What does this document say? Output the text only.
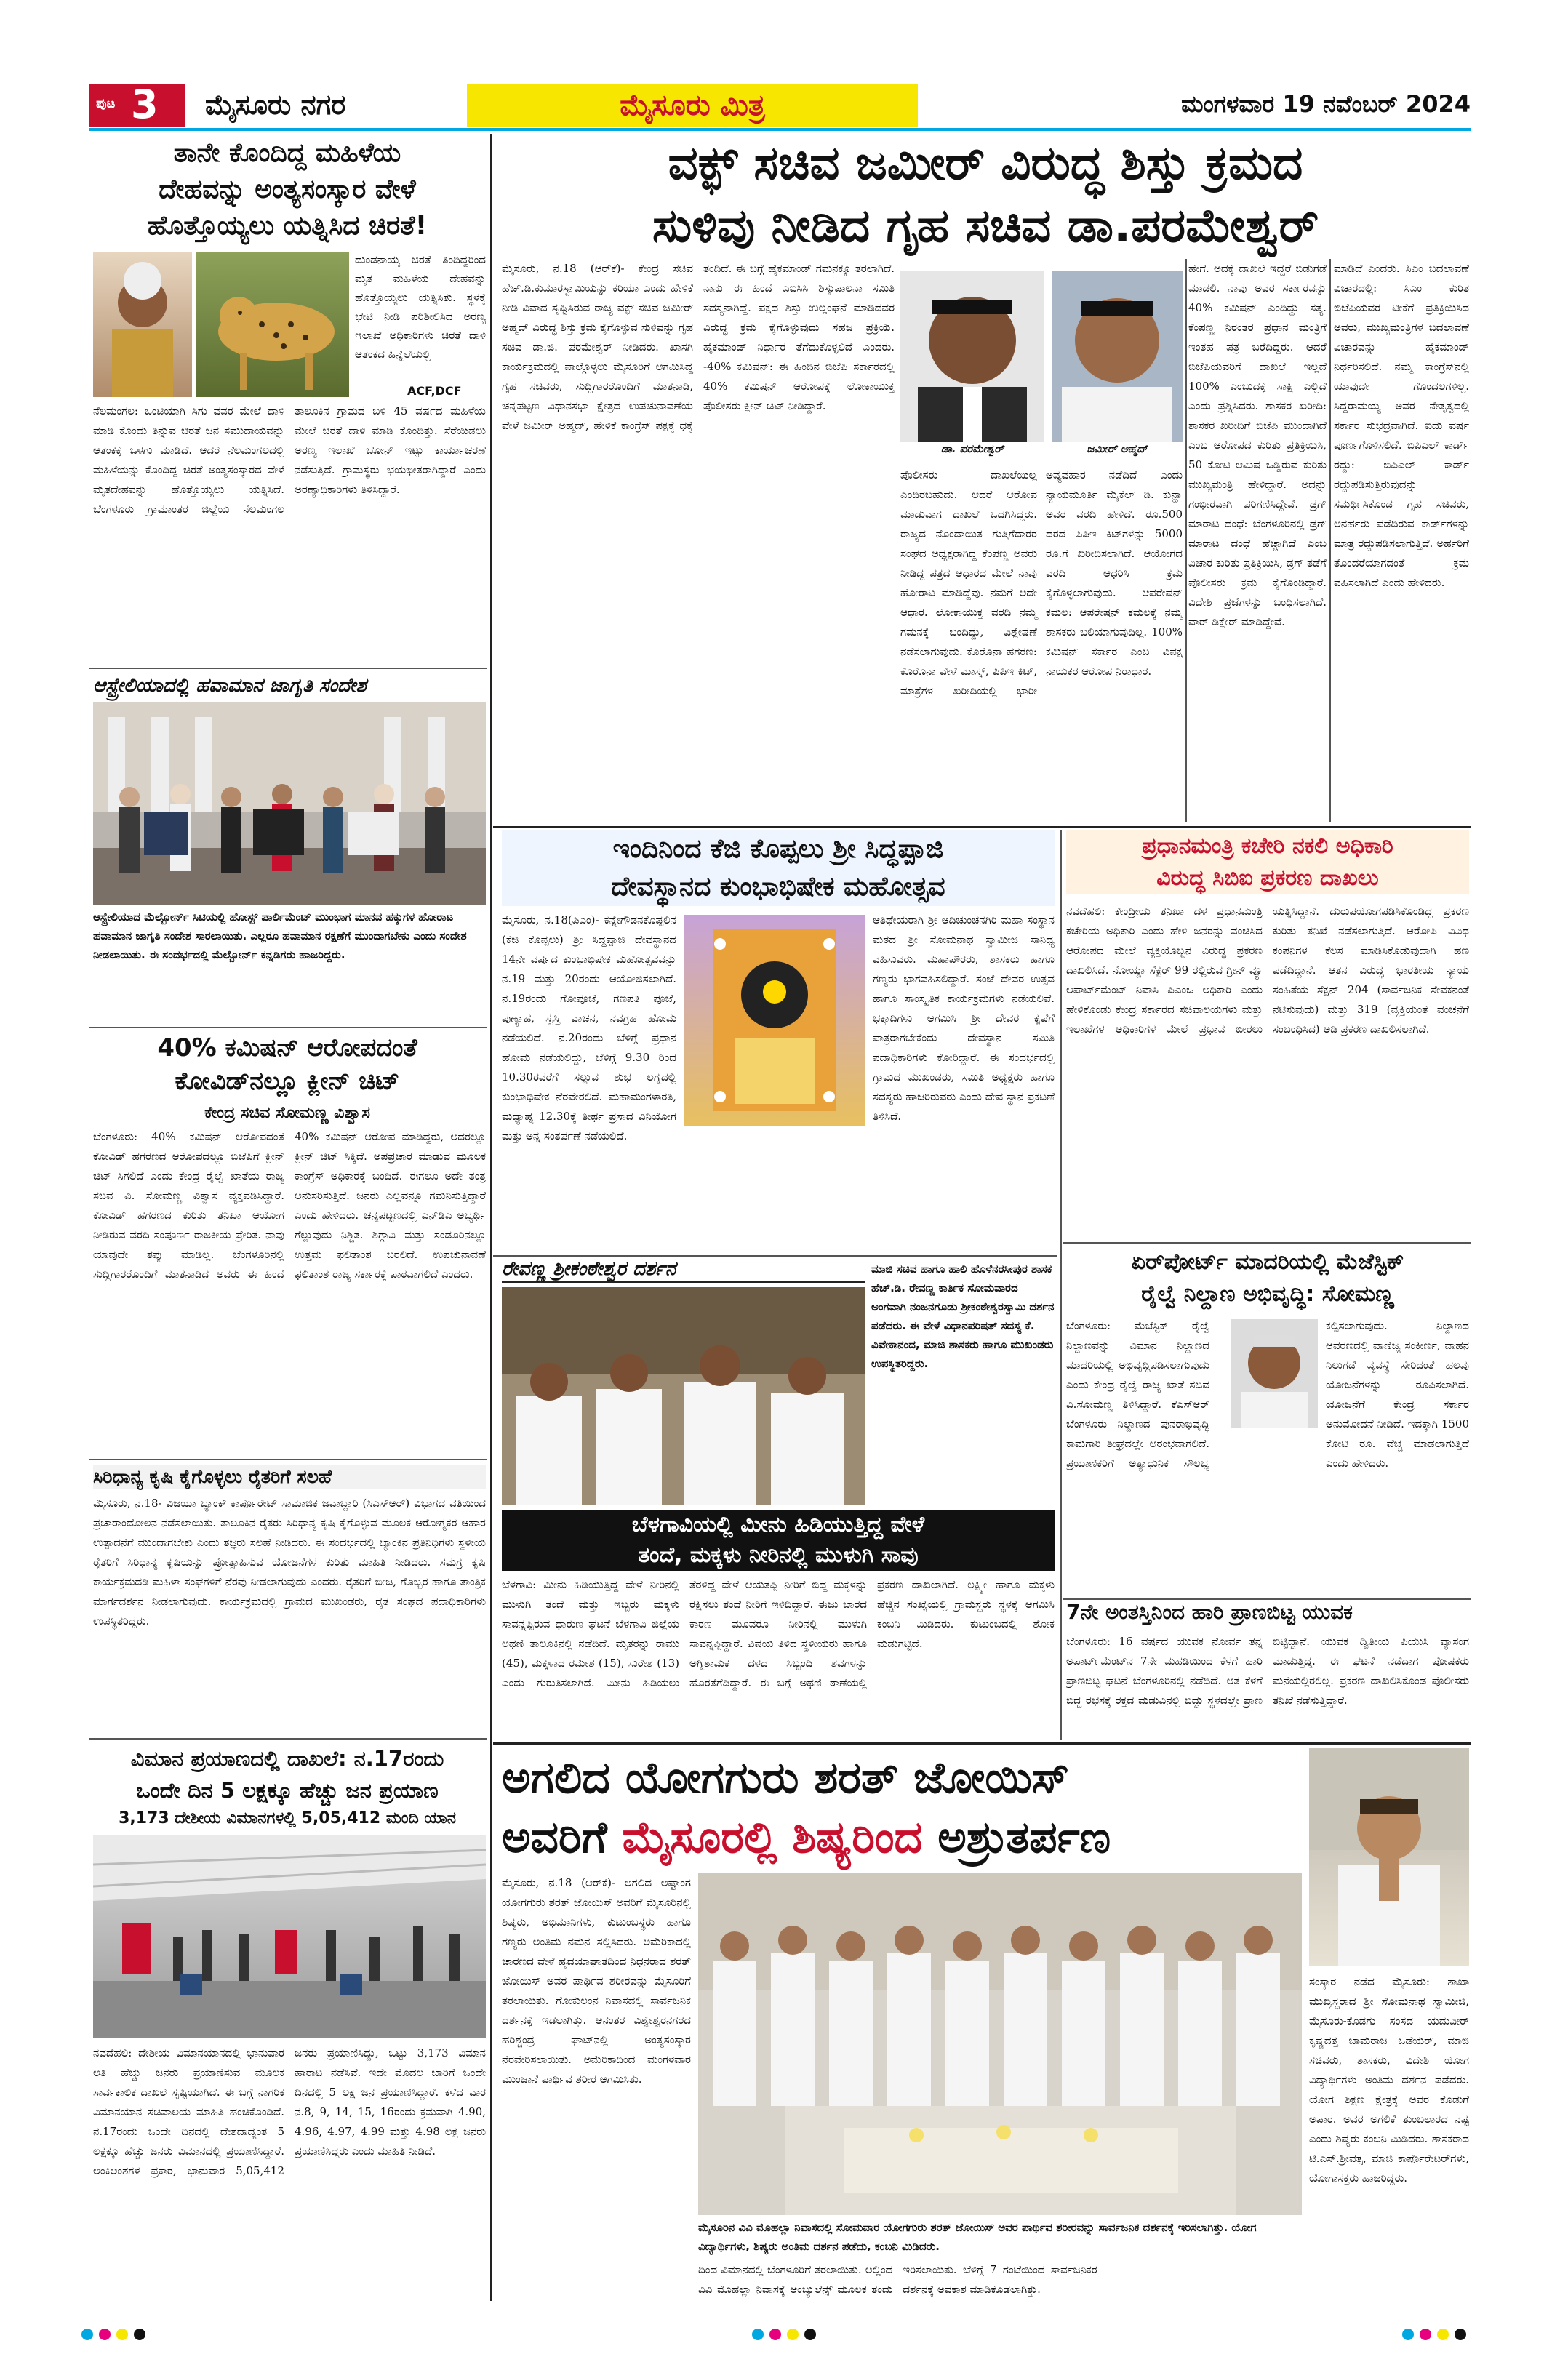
ಪುಟ 3 ಮೈಸೂರು ನಗರ	ಮೈಸೂರು ಮಿತ್ರ	ಮಂಗಳವಾರ 19 ನವೆಂಬರ್ 2024
ತಾನೇ ಕೊಂದಿದ್ದ ಮಹಿಳೆಯ
ದೇಹವನ್ನು ಅಂತ್ಯಸಂಸ್ಕಾರ ವೇಳೆ
ಹೊತ್ತೊಯ್ಯಲು ಯತ್ನಿಸಿದ ಚಿರತೆ!
ದುಂಡನಾಯ್ಕ ಚಿರತೆ ತಿಂದಿದ್ದರಿಂದ ಮೃತ ಮಹಿಳೆಯ ದೇಹವನ್ನು ಹೊತ್ತೊಯ್ಯಲು ಯತ್ನಿಸಿತು. ಸ್ಥಳಕ್ಕೆ ಭೇಟಿ ನೀಡಿ ಪರಿಶೀಲಿಸಿದ ಅರಣ್ಯ ಇಲಾಖೆ ಅಧಿಕಾರಿಗಳು ಚಿರತೆ ದಾಳಿ ಆತಂಕದ ಹಿನ್ನೆಲೆಯಲ್ಲಿ
ACF,DCF
ನೆಲಮಂಗಲ: ಒಂಟಿಯಾಗಿ ಸಿಗು ವವರ ಮೇಲೆ ದಾಳಿ ಮಾಡಿ ಕೊಂದು ತಿನ್ನುವ ಚಿರತೆ ಜನ ಸಮುದಾಯವನ್ನು ಆತಂಕಕ್ಕೆ ಒಳಗು ಮಾಡಿದೆ. ಆದರೆ ನೆಲಮಂಗಲದಲ್ಲಿ ಮಹಿಳೆಯನ್ನು ಕೊಂದಿದ್ದ ಚಿರತೆ ಅಂತ್ಯಸಂಸ್ಕಾರದ ವೇಳೆ ಮೃತದೇಹವನ್ನು ಹೊತ್ತೊಯ್ಯಲು ಯತ್ನಿಸಿದೆ. ಬೆಂಗಳೂರು ಗ್ರಾಮಾಂತರ ಜಿಲ್ಲೆಯ ನೆಲಮಂಗಲ ತಾಲೂಕಿನ ಗ್ರಾಮದ ಬಳಿ 45 ವರ್ಷದ ಮಹಿಳೆಯ ಮೇಲೆ ಚಿರತೆ ದಾಳಿ ಮಾಡಿ ಕೊಂದಿತ್ತು. ಸೆರೆಯಿಡಲು ಅರಣ್ಯ ಇಲಾಖೆ ಬೋನ್ ಇಟ್ಟು ಕಾರ್ಯಾಚರಣೆ ನಡೆಸುತ್ತಿದೆ. ಗ್ರಾಮಸ್ಥರು ಭಯಭೀತರಾಗಿದ್ದಾರೆ ಎಂದು ಅರಣ್ಯಾಧಿಕಾರಿಗಳು ತಿಳಿಸಿದ್ದಾರೆ.
ಆಸ್ಟ್ರೇಲಿಯಾದಲ್ಲಿ ಹವಾಮಾನ ಜಾಗೃತಿ ಸಂದೇಶ
ಆಸ್ಟ್ರೇಲಿಯಾದ ಮೆಲ್ಬೋರ್ನ್ ಸಿಟಿಯಲ್ಲಿ ಹೋಸ್ಟ್ ಪಾರ್ಲಿಮೆಂಟ್ ಮುಂಭಾಗ ಮಾನವ ಹಕ್ಕುಗಳ ಹೋರಾಟ ಹವಾಮಾನ ಜಾಗೃತಿ ಸಂದೇಶ ಸಾರಲಾಯಿತು. ಎಲ್ಲರೂ ಹವಾಮಾನ ರಕ್ಷಣೆಗೆ ಮುಂದಾಗಬೇಕು ಎಂದು ಸಂದೇಶ ನೀಡಲಾಯಿತು. ಈ ಸಂದರ್ಭದಲ್ಲಿ ಮೆಲ್ಬೋರ್ನ್ ಕನ್ನಡಿಗರು ಹಾಜರಿದ್ದರು.
40% ಕಮಿಷನ್ ಆರೋಪದಂತೆ
ಕೋವಿಡ್‌ನಲ್ಲೂ ಕ್ಲೀನ್ ಚಿಟ್
ಕೇಂದ್ರ ಸಚಿವ ಸೋಮಣ್ಣ ವಿಶ್ವಾಸ
ಬೆಂಗಳೂರು: 40% ಕಮಿಷನ್ ಆರೋಪದಂತೆ ಕೋವಿಡ್ ಹಗರಣದ ಆರೋಪದಲ್ಲೂ ಬಿಜೆಪಿಗೆ ಕ್ಲೀನ್ ಚಿಟ್ ಸಿಗಲಿದೆ ಎಂದು ಕೇಂದ್ರ ರೈಲ್ವೆ ಖಾತೆಯ ರಾಜ್ಯ ಸಚಿವ ವಿ. ಸೋಮಣ್ಣ ವಿಶ್ವಾಸ ವ್ಯಕ್ತಪಡಿಸಿದ್ದಾರೆ. ಕೋವಿಡ್ ಹಗರಣದ ಕುರಿತು ತನಿಖಾ ಆಯೋಗ ನೀಡಿರುವ ವರದಿ ಸಂಪೂರ್ಣ ರಾಜಕೀಯ ಪ್ರೇರಿತ. ನಾವು ಯಾವುದೇ ತಪ್ಪು ಮಾಡಿಲ್ಲ. ಬೆಂಗಳೂರಿನಲ್ಲಿ ಸುದ್ದಿಗಾರರೊಂದಿಗೆ ಮಾತನಾಡಿದ ಅವರು ಈ ಹಿಂದೆ 40% ಕಮಿಷನ್ ಆರೋಪ ಮಾಡಿದ್ದರು, ಅದರಲ್ಲೂ ಕ್ಲೀನ್ ಚಿಟ್ ಸಿಕ್ಕಿದೆ. ಅಪಪ್ರಚಾರ ಮಾಡುವ ಮೂಲಕ ಕಾಂಗ್ರೆಸ್ ಅಧಿಕಾರಕ್ಕೆ ಬಂದಿದೆ. ಈಗಲೂ ಅದೇ ತಂತ್ರ ಅನುಸರಿಸುತ್ತಿದೆ. ಜನರು ಎಲ್ಲವನ್ನೂ ಗಮನಿಸುತ್ತಿದ್ದಾರೆ ಎಂದು ಹೇಳಿದರು. ಚನ್ನಪಟ್ಟಣದಲ್ಲಿ ಎನ್‌ಡಿಎ ಅಭ್ಯರ್ಥಿ ಗೆಲ್ಲುವುದು ನಿಶ್ಚಿತ. ಶಿಗ್ಗಾವಿ ಮತ್ತು ಸಂಡೂರಿನಲ್ಲೂ ಉತ್ತಮ ಫಲಿತಾಂಶ ಬರಲಿದೆ. ಉಪಚುನಾವಣೆ ಫಲಿತಾಂಶ ರಾಜ್ಯ ಸರ್ಕಾರಕ್ಕೆ ಪಾಠವಾಗಲಿದೆ ಎಂದರು.
ಸಿರಿಧಾನ್ಯ ಕೃಷಿ ಕೈಗೊಳ್ಳಲು ರೈತರಿಗೆ ಸಲಹೆ
ಮೈಸೂರು, ನ.18- ವಿಜಯಾ ಬ್ಯಾಂಕ್ ಕಾರ್ಪೊರೇಟ್ ಸಾಮಾಜಿಕ ಜವಾಬ್ದಾರಿ (ಸಿಎಸ್‌ಆರ್) ವಿಭಾಗದ ವತಿಯಿಂದ ಪ್ರಚಾರಾಂದೋಲನ ನಡೆಸಲಾಯಿತು. ತಾಲೂಕಿನ ರೈತರು ಸಿರಿಧಾನ್ಯ ಕೃಷಿ ಕೈಗೊಳ್ಳುವ ಮೂಲಕ ಆರೋಗ್ಯಕರ ಆಹಾರ ಉತ್ಪಾದನೆಗೆ ಮುಂದಾಗಬೇಕು ಎಂದು ತಜ್ಞರು ಸಲಹೆ ನೀಡಿದರು. ಈ ಸಂದರ್ಭದಲ್ಲಿ ಬ್ಯಾಂಕಿನ ಪ್ರತಿನಿಧಿಗಳು ಸ್ಥಳೀಯ ರೈತರಿಗೆ ಸಿರಿಧಾನ್ಯ ಕೃಷಿಯನ್ನು ಪ್ರೋತ್ಸಾಹಿಸುವ ಯೋಜನೆಗಳ ಕುರಿತು ಮಾಹಿತಿ ನೀಡಿದರು. ಸಮಗ್ರ ಕೃಷಿ ಕಾರ್ಯಕ್ರಮದಡಿ ಮಹಿಳಾ ಸಂಘಗಳಿಗೆ ನೆರವು ನೀಡಲಾಗುವುದು ಎಂದರು. ರೈತರಿಗೆ ಬೀಜ, ಗೊಬ್ಬರ ಹಾಗೂ ತಾಂತ್ರಿಕ ಮಾರ್ಗದರ್ಶನ ನೀಡಲಾಗುವುದು. ಕಾರ್ಯಕ್ರಮದಲ್ಲಿ ಗ್ರಾಮದ ಮುಖಂಡರು, ರೈತ ಸಂಘದ ಪದಾಧಿಕಾರಿಗಳು ಉಪಸ್ಥಿತರಿದ್ದರು.
ವಿಮಾನ ಪ್ರಯಾಣದಲ್ಲಿ ದಾಖಲೆ: ನ.17ರಂದು
ಒಂದೇ ದಿನ 5 ಲಕ್ಷಕ್ಕೂ ಹೆಚ್ಚು ಜನ ಪ್ರಯಾಣ
3,173 ದೇಶೀಯ ವಿಮಾನಗಳಲ್ಲಿ 5,05,412 ಮಂದಿ ಯಾನ
ನವದೆಹಲಿ: ದೇಶೀಯ ವಿಮಾನಯಾನದಲ್ಲಿ ಭಾನುವಾರ ಅತಿ ಹೆಚ್ಚು ಜನರು ಪ್ರಯಾಣಿಸುವ ಮೂಲಕ ಸಾರ್ವಕಾಲಿಕ ದಾಖಲೆ ಸೃಷ್ಟಿಯಾಗಿದೆ. ಈ ಬಗ್ಗೆ ನಾಗರಿಕ ವಿಮಾನಯಾನ ಸಚಿವಾಲಯ ಮಾಹಿತಿ ಹಂಚಿಕೊಂಡಿದೆ. ನ.17ರಂದು ಒಂದೇ ದಿನದಲ್ಲಿ ದೇಶದಾದ್ಯಂತ 5 ಲಕ್ಷಕ್ಕೂ ಹೆಚ್ಚು ಜನರು ವಿಮಾನದಲ್ಲಿ ಪ್ರಯಾಣಿಸಿದ್ದಾರೆ. ಅಂಕಿಅಂಶಗಳ ಪ್ರಕಾರ, ಭಾನುವಾರ 5,05,412 ಜನರು ಪ್ರಯಾಣಿಸಿದ್ದು, ಒಟ್ಟು 3,173 ವಿಮಾನ ಹಾರಾಟ ನಡೆಸಿವೆ. ಇದೇ ಮೊದಲ ಬಾರಿಗೆ ಒಂದೇ ದಿನದಲ್ಲಿ 5 ಲಕ್ಷ ಜನ ಪ್ರಯಾಣಿಸಿದ್ದಾರೆ. ಕಳೆದ ವಾರ ನ.8, 9, 14, 15, 16ರಂದು ಕ್ರಮವಾಗಿ 4.90, 4.96, 4.97, 4.99 ಮತ್ತು 4.98 ಲಕ್ಷ ಜನರು ಪ್ರಯಾಣಿಸಿದ್ದರು ಎಂದು ಮಾಹಿತಿ ನೀಡಿದೆ.
ವಕ್ಫ್ ಸಚಿವ ಜಮೀರ್ ವಿರುದ್ಧ ಶಿಸ್ತು ಕ್ರಮದ
ಸುಳಿವು ನೀಡಿದ ಗೃಹ ಸಚಿವ ಡಾ.ಪರಮೇಶ್ವರ್
ಮೈಸೂರು, ನ.18 (ಆರ್‌ಕೆ)- ಕೇಂದ್ರ ಸಚಿವ ಹೆಚ್.ಡಿ.ಕುಮಾರಸ್ವಾಮಿಯನ್ನು ಕರಿಯಾ ಎಂದು ಹೇಳಿಕೆ ನೀಡಿ ವಿವಾದ ಸೃಷ್ಟಿಸಿರುವ ರಾಜ್ಯ ವಕ್ಫ್ ಸಚಿವ ಜಮೀರ್ ಅಹ್ಮದ್ ವಿರುದ್ಧ ಶಿಸ್ತು ಕ್ರಮ ಕೈಗೊಳ್ಳುವ ಸುಳಿವನ್ನು ಗೃಹ ಸಚಿವ ಡಾ.ಜಿ. ಪರಮೇಶ್ವರ್ ನೀಡಿದರು. ಖಾಸಗಿ ಕಾರ್ಯಕ್ರಮದಲ್ಲಿ ಪಾಲ್ಗೊಳ್ಳಲು ಮೈಸೂರಿಗೆ ಆಗಮಿಸಿದ್ದ ಗೃಹ ಸಚಿವರು, ಸುದ್ದಿಗಾರರೊಂದಿಗೆ ಮಾತನಾಡಿ, ಚನ್ನಪಟ್ಟಣ ವಿಧಾನಸಭಾ ಕ್ಷೇತ್ರದ ಉಪಚುನಾವಣೆಯ ವೇಳೆ ಜಮೀರ್ ಅಹ್ಮದ್, ಹೇಳಿಕೆ ಕಾಂಗ್ರೆಸ್ ಪಕ್ಷಕ್ಕೆ ಧಕ್ಕೆ ತಂದಿದೆ. ಈ ಬಗ್ಗೆ ಹೈಕಮಾಂಡ್ ಗಮನಕ್ಕೂ ತರಲಾಗಿದೆ. ನಾನು ಈ ಹಿಂದೆ ಎಐಸಿಸಿ ಶಿಸ್ತುಪಾಲನಾ ಸಮಿತಿ ಸದಸ್ಯನಾಗಿದ್ದೆ. ಪಕ್ಷದ ಶಿಸ್ತು ಉಲ್ಲಂಘನೆ ಮಾಡಿದವರ ವಿರುದ್ಧ ಕ್ರಮ ಕೈಗೊಳ್ಳುವುದು ಸಹಜ ಪ್ರಕ್ರಿಯೆ. ಹೈಕಮಾಂಡ್ ನಿರ್ಧಾರ ತೆಗೆದುಕೊಳ್ಳಲಿದೆ ಎಂದರು. -40% ಕಮಿಷನ್: ಈ ಹಿಂದಿನ ಬಿಜೆಪಿ ಸರ್ಕಾರದಲ್ಲಿ 40% ಕಮಿಷನ್ ಆರೋಪಕ್ಕೆ ಲೋಕಾಯುಕ್ತ ಪೊಲೀಸರು ಕ್ಲೀನ್ ಚಿಟ್ ನೀಡಿದ್ದಾರೆ.
ಡಾ. ಪರಮೇಶ್ವರ್	ಜಮೀರ್ ಅಹ್ಮದ್
ಪೊಲೀಸರು ದಾಖಲೆಯಿಲ್ಲ ಎಂದಿರಬಹುದು. ಆದರೆ ಆರೋಪ ಮಾಡುವಾಗ ದಾಖಲೆ ಒದಗಿಸಿದ್ದರು. ರಾಜ್ಯದ ನೊಂದಾಯಿತ ಗುತ್ತಿಗೆದಾರರ ಸಂಘದ ಅಧ್ಯಕ್ಷರಾಗಿದ್ದ ಕೆಂಪಣ್ಣ ಅವರು ನೀಡಿದ್ದ ಪತ್ರದ ಆಧಾರದ ಮೇಲೆ ನಾವು ಹೋರಾಟ ಮಾಡಿದ್ದೆವು. ನಮಗೆ ಅದೇ ಆಧಾರ. ಲೋಕಾಯುಕ್ತ ವರದಿ ನಮ್ಮ ಗಮನಕ್ಕೆ ಬಂದಿದ್ದು, ವಿಶ್ಲೇಷಣೆ ನಡೆಸಲಾಗುವುದು. ಕೊರೊನಾ ಹಗರಣ: ಕೊರೊನಾ ವೇಳೆ ಮಾಸ್ಕ್, ಪಿಪಿಇ ಕಿಟ್, ಮಾತ್ರೆಗಳ ಖರೀದಿಯಲ್ಲಿ ಭಾರೀ ಅವ್ಯವಹಾರ ನಡೆದಿದೆ ಎಂದು ನ್ಯಾಯಮೂರ್ತಿ ಮೈಕೆಲ್ ಡಿ. ಕುನ್ಹಾ ಅವರ ವರದಿ ಹೇಳಿದೆ. ರೂ.500 ದರದ ಪಿಪಿಇ ಕಿಟ್‌ಗಳನ್ನು 5000 ರೂ.ಗೆ ಖರೀದಿಸಲಾಗಿದೆ. ಆಯೋಗದ ವರದಿ ಆಧರಿಸಿ ಕ್ರಮ ಕೈಗೊಳ್ಳಲಾಗುವುದು. ಆಪರೇಷನ್ ಕಮಲ: ಆಪರೇಷನ್ ಕಮಲಕ್ಕೆ ನಮ್ಮ ಶಾಸಕರು ಬಲಿಯಾಗುವುದಿಲ್ಲ. 100% ಕಮಿಷನ್ ಸರ್ಕಾರ ಎಂಬ ವಿಪಕ್ಷ ನಾಯಕರ ಆರೋಪ ನಿರಾಧಾರ.
ಹೇಗೆ. ಅದಕ್ಕೆ ದಾಖಲೆ ಇದ್ದರೆ ಬಿಡುಗಡೆ ಮಾಡಲಿ. ನಾವು ಅವರ ಸರ್ಕಾರವನ್ನು 40% ಕಮಿಷನ್ ಎಂದಿದ್ದು ಸತ್ಯ. ಕೆಂಪಣ್ಣ ನಿರಂತರ ಪ್ರಧಾನ ಮಂತ್ರಿಗೆ ಇಂತಹ ಪತ್ರ ಬರೆದಿದ್ದರು. ಆದರೆ ಬಿಜೆಪಿಯವರಿಗೆ ದಾಖಲೆ ಇಲ್ಲದೆ 100% ಎಂಬುದಕ್ಕೆ ಸಾಕ್ಷಿ ಎಲ್ಲಿದೆ ಎಂದು ಪ್ರಶ್ನಿಸಿದರು. ಶಾಸಕರ ಖರೀದಿ: ಶಾಸಕರ ಖರೀದಿಗೆ ಬಿಜೆಪಿ ಮುಂದಾಗಿದೆ ಎಂಬ ಆರೋಪದ ಕುರಿತು ಪ್ರತಿಕ್ರಿಯಿಸಿ, 50 ಕೋಟಿ ಆಮಿಷ ಒಡ್ಡಿರುವ ಕುರಿತು ಮುಖ್ಯಮಂತ್ರಿ ಹೇಳಿದ್ದಾರೆ. ಅದನ್ನು ಗಂಭೀರವಾಗಿ ಪರಿಗಣಿಸಿದ್ದೇವೆ. ಡ್ರಗ್ ಮಾರಾಟ ದಂಧೆ: ಬೆಂಗಳೂರಿನಲ್ಲಿ ಡ್ರಗ್ ಮಾರಾಟ ದಂಧೆ ಹೆಚ್ಚಾಗಿದೆ ಎಂಬ ವಿಚಾರ ಕುರಿತು ಪ್ರತಿಕ್ರಿಯಿಸಿ, ಡ್ರಗ್ ತಡೆಗೆ ಪೊಲೀಸರು ಕ್ರಮ ಕೈಗೊಂಡಿದ್ದಾರೆ. ವಿದೇಶಿ ಪ್ರಜೆಗಳನ್ನು ಬಂಧಿಸಲಾಗಿದೆ. ವಾರ್ ಡಿಕ್ಲೇರ್ ಮಾಡಿದ್ದೇವೆ.
ಮಾಡಿದೆ ಎಂದರು. ಸಿಎಂ ಬದಲಾವಣೆ ವಿಚಾರದಲ್ಲಿ: ಸಿಎಂ ಕುರಿತ ಬಿಜೆಪಿಯವರ ಟೀಕೆಗೆ ಪ್ರತಿಕ್ರಿಯಿಸಿದ ಅವರು, ಮುಖ್ಯಮಂತ್ರಿಗಳ ಬದಲಾವಣೆ ವಿಚಾರವನ್ನು ಹೈಕಮಾಂಡ್ ನಿರ್ಧರಿಸಲಿದೆ. ನಮ್ಮ ಕಾಂಗ್ರೆಸ್‌ನಲ್ಲಿ ಯಾವುದೇ ಗೊಂದಲಗಳಿಲ್ಲ. ಸಿದ್ದರಾಮಯ್ಯ ಅವರ ನೇತೃತ್ವದಲ್ಲಿ ಸರ್ಕಾರ ಸುಭದ್ರವಾಗಿದೆ. ಐದು ವರ್ಷ ಪೂರ್ಣಗೊಳಿಸಲಿದೆ. ಬಿಪಿಎಲ್ ಕಾರ್ಡ್ ರದ್ದು: ಬಿಪಿಎಲ್ ಕಾರ್ಡ್ ರದ್ದುಪಡಿಸುತ್ತಿರುವುದನ್ನು ಸಮರ್ಥಿಸಿಕೊಂಡ ಗೃಹ ಸಚಿವರು, ಅನರ್ಹರು ಪಡೆದಿರುವ ಕಾರ್ಡ್‌ಗಳನ್ನು ಮಾತ್ರ ರದ್ದುಪಡಿಸಲಾಗುತ್ತಿದೆ. ಅರ್ಹರಿಗೆ ತೊಂದರೆಯಾಗದಂತೆ ಕ್ರಮ ವಹಿಸಲಾಗಿದೆ ಎಂದು ಹೇಳಿದರು.
ಇಂದಿನಿಂದ ಕೆಜಿ ಕೊಪ್ಪಲು ಶ್ರೀ ಸಿದ್ಧಪ್ಪಾಜಿ
ದೇವಸ್ಥಾನದ ಕುಂಭಾಭಿಷೇಕ ಮಹೋತ್ಸವ
ಮೈಸೂರು, ನ.18(ಪಿಎಂ)- ಕನ್ನೇಗೌಡನಕೊಪ್ಪಲಿನ (ಕೆಜಿ ಕೊಪ್ಪಲು) ಶ್ರೀ ಸಿದ್ಧಪ್ಪಾಜಿ ದೇವಸ್ಥಾನದ 14ನೇ ವರ್ಷದ ಕುಂಭಾಭಿಷೇಕ ಮಹೋತ್ಸವವನ್ನು ನ.19 ಮತ್ತು 20ರಂದು ಆಯೋಜಿಸಲಾಗಿದೆ. ನ.19ರಂದು ಗೋಪೂಜೆ, ಗಣಪತಿ ಪೂಜೆ, ಪುಣ್ಯಾಹ, ಸ್ವಸ್ತಿ ವಾಚನ, ನವಗ್ರಹ ಹೋಮ ನಡೆಯಲಿದೆ. ನ.20ರಂದು ಬೆಳಿಗ್ಗೆ ಪ್ರಧಾನ ಹೋಮ ನಡೆಯಲಿದ್ದು, ಬೆಳಿಗ್ಗೆ 9.30 ರಿಂದ 10.30ರವರೆಗೆ ಸಲ್ಲುವ ಶುಭ ಲಗ್ನದಲ್ಲಿ ಕುಂಭಾಭಿಷೇಕ ನೆರವೇರಲಿದೆ. ಮಹಾಮಂಗಳಾರತಿ, ಮಧ್ಯಾಹ್ನ 12.30ಕ್ಕೆ ತೀರ್ಥ ಪ್ರಸಾದ ವಿನಿಯೋಗ ಮತ್ತು ಅನ್ನ ಸಂತರ್ಪಣೆ ನಡೆಯಲಿದೆ.
ಆತಿಥೇಯರಾಗಿ ಶ್ರೀ ಆದಿಚುಂಚನಗಿರಿ ಮಹಾ ಸಂಸ್ಥಾನ ಮಠದ ಶ್ರೀ ಸೋಮನಾಥ ಸ್ವಾಮೀಜಿ ಸಾನಿಧ್ಯ ವಹಿಸುವರು. ಮಹಾಪೌರರು, ಶಾಸಕರು ಹಾಗೂ ಗಣ್ಯರು ಭಾಗವಹಿಸಲಿದ್ದಾರೆ. ಸಂಜೆ ದೇವರ ಉತ್ಸವ ಹಾಗೂ ಸಾಂಸ್ಕೃತಿಕ ಕಾರ್ಯಕ್ರಮಗಳು ನಡೆಯಲಿವೆ. ಭಕ್ತಾದಿಗಳು ಆಗಮಿಸಿ ಶ್ರೀ ದೇವರ ಕೃಪೆಗೆ ಪಾತ್ರರಾಗಬೇಕೆಂದು ದೇವಸ್ಥಾನ ಸಮಿತಿ ಪದಾಧಿಕಾರಿಗಳು ಕೋರಿದ್ದಾರೆ. ಈ ಸಂದರ್ಭದಲ್ಲಿ ಗ್ರಾಮದ ಮುಖಂಡರು, ಸಮಿತಿ ಅಧ್ಯಕ್ಷರು ಹಾಗೂ ಸದಸ್ಯರು ಹಾಜರಿರುವರು ಎಂದು ದೇವ ಸ್ಥಾನ ಪ್ರಕಟಣೆ ತಿಳಿಸಿದೆ.
ರೇವಣ್ಣ ಶ್ರೀಕಂಠೇಶ್ವರ ದರ್ಶನ	ಮಾಜಿ ಸಚಿವ ಹಾಗೂ ಹಾಲಿ ಹೊಳೆನರಸೀಪುರ ಶಾಸಕ ಹೆಚ್.ಡಿ. ರೇವಣ್ಣ ಕಾರ್ತಿಕ ಸೋಮವಾರದ ಅಂಗವಾಗಿ ನಂಜನಗೂಡು ಶ್ರೀಕಂಠೇಶ್ವರಸ್ವಾಮಿ ದರ್ಶನ ಪಡೆದರು. ಈ ವೇಳೆ ವಿಧಾನಪರಿಷತ್ ಸದಸ್ಯ ಕೆ. ವಿವೇಕಾನಂದ, ಮಾಜಿ ಶಾಸಕರು ಹಾಗೂ ಮುಖಂಡರು ಉಪಸ್ಥಿತರಿದ್ದರು.
ಬೆಳಗಾವಿಯಲ್ಲಿ ಮೀನು ಹಿಡಿಯುತ್ತಿದ್ದ ವೇಳೆ
ತಂದೆ, ಮಕ್ಕಳು ನೀರಿನಲ್ಲಿ ಮುಳುಗಿ ಸಾವು
ಬೆಳಗಾವಿ: ಮೀನು ಹಿಡಿಯುತ್ತಿದ್ದ ವೇಳೆ ನೀರಿನಲ್ಲಿ ಮುಳುಗಿ ತಂದೆ ಮತ್ತು ಇಬ್ಬರು ಮಕ್ಕಳು ಸಾವನ್ನಪ್ಪಿರುವ ಧಾರುಣ ಘಟನೆ ಬೆಳಗಾವಿ ಜಿಲ್ಲೆಯ ಅಥಣಿ ತಾಲೂಕಿನಲ್ಲಿ ನಡೆದಿದೆ. ಮೃತರನ್ನು ರಾಮು (45), ಮಕ್ಕಳಾದ ರಮೇಶ (15), ಸುರೇಶ (13) ಎಂದು ಗುರುತಿಸಲಾಗಿದೆ. ಮೀನು ಹಿಡಿಯಲು ತೆರಳಿದ್ದ ವೇಳೆ ಆಯತಪ್ಪಿ ನೀರಿಗೆ ಬಿದ್ದ ಮಕ್ಕಳನ್ನು ರಕ್ಷಿಸಲು ತಂದೆ ನೀರಿಗೆ ಇಳಿದಿದ್ದಾರೆ. ಈಜು ಬಾರದ ಕಾರಣ ಮೂವರೂ ನೀರಿನಲ್ಲಿ ಮುಳುಗಿ ಸಾವನ್ನಪ್ಪಿದ್ದಾರೆ. ವಿಷಯ ತಿಳಿದ ಸ್ಥಳೀಯರು ಹಾಗೂ ಅಗ್ನಿಶಾಮಕ ದಳದ ಸಿಬ್ಬಂದಿ ಶವಗಳನ್ನು ಹೊರತೆಗೆದಿದ್ದಾರೆ. ಈ ಬಗ್ಗೆ ಅಥಣಿ ಠಾಣೆಯಲ್ಲಿ ಪ್ರಕರಣ ದಾಖಲಾಗಿದೆ. ಲಕ್ಷ್ಮೀ ಹಾಗೂ ಮಕ್ಕಳು ಹೆಚ್ಚಿನ ಸಂಖ್ಯೆಯಲ್ಲಿ ಗ್ರಾಮಸ್ಥರು ಸ್ಥಳಕ್ಕೆ ಆಗಮಿಸಿ ಕಂಬನಿ ಮಿಡಿದರು. ಕುಟುಂಬದಲ್ಲಿ ಶೋಕ ಮಡುಗಟ್ಟಿದೆ.
ಪ್ರಧಾನಮಂತ್ರಿ ಕಚೇರಿ ನಕಲಿ ಅಧಿಕಾರಿ
ವಿರುದ್ಧ ಸಿಬಿಐ ಪ್ರಕರಣ ದಾಖಲು
ನವದೆಹಲಿ: ಕೇಂದ್ರೀಯ ತನಿಖಾ ದಳ ಪ್ರಧಾನಮಂತ್ರಿ ಕಚೇರಿಯ ಅಧಿಕಾರಿ ಎಂದು ಹೇಳಿ ಜನರನ್ನು ವಂಚಿಸಿದ ಆರೋಪದ ಮೇಲೆ ವ್ಯಕ್ತಿಯೊಬ್ಬನ ವಿರುದ್ಧ ಪ್ರಕರಣ ದಾಖಲಿಸಿದೆ. ನೋಯ್ಡಾ ಸೆಕ್ಟರ್ 99 ರಲ್ಲಿರುವ ಗ್ರೀನ್ ವ್ಯೂ ಅಪಾರ್ಟ್‌ಮೆಂಟ್ ನಿವಾಸಿ ಪಿಎಂಒ ಅಧಿಕಾರಿ ಎಂದು ಹೇಳಿಕೊಂಡು ಕೇಂದ್ರ ಸರ್ಕಾರದ ಸಚಿವಾಲಯಗಳು ಮತ್ತು ಇಲಾಖೆಗಳ ಅಧಿಕಾರಿಗಳ ಮೇಲೆ ಪ್ರಭಾವ ಬೀರಲು ಯತ್ನಿಸಿದ್ದಾನೆ. ದುರುಪಯೋಗಪಡಿಸಿಕೊಂಡಿದ್ದ ಪ್ರಕರಣ ಕುರಿತು ತನಿಖೆ ನಡೆಸಲಾಗುತ್ತಿದೆ. ಆರೋಪಿ ವಿವಿಧ ಕಂಪನಿಗಳ ಕೆಲಸ ಮಾಡಿಸಿಕೊಡುವುದಾಗಿ ಹಣ ಪಡೆದಿದ್ದಾನೆ. ಆತನ ವಿರುದ್ಧ ಭಾರತೀಯ ನ್ಯಾಯ ಸಂಹಿತೆಯ ಸೆಕ್ಷನ್ 204 (ಸಾರ್ವಜನಿಕ ಸೇವಕನಂತೆ ನಟಿಸುವುದು) ಮತ್ತು 319 (ವ್ಯಕ್ತಿಯಂತೆ ವಂಚನೆಗೆ ಸಂಬಂಧಿಸಿದ) ಅಡಿ ಪ್ರಕರಣ ದಾಖಲಿಸಲಾಗಿದೆ.
ಏರ್‌ಪೋರ್ಟ್ ಮಾದರಿಯಲ್ಲಿ ಮೆಜೆಸ್ಟಿಕ್
ರೈಲ್ವೆ ನಿಲ್ದಾಣ ಅಭಿವೃದ್ಧಿ: ಸೋಮಣ್ಣ
ಬೆಂಗಳೂರು: ಮೆಜೆಸ್ಟಿಕ್ ರೈಲ್ವೆ ನಿಲ್ದಾಣವನ್ನು ವಿಮಾನ ನಿಲ್ದಾಣದ ಮಾದರಿಯಲ್ಲಿ ಅಭಿವೃದ್ಧಿಪಡಿಸಲಾಗುವುದು ಎಂದು ಕೇಂದ್ರ ರೈಲ್ವೆ ರಾಜ್ಯ ಖಾತೆ ಸಚಿವ ವಿ.ಸೋಮಣ್ಣ ತಿಳಿಸಿದ್ದಾರೆ. ಕೆಎಸ್‌ಆರ್ ಬೆಂಗಳೂರು ನಿಲ್ದಾಣದ ಪುನರಾಭಿವೃದ್ಧಿ ಕಾಮಗಾರಿ ಶೀಘ್ರದಲ್ಲೇ ಆರಂಭವಾಗಲಿದೆ. ಪ್ರಯಾಣಿಕರಿಗೆ ಅತ್ಯಾಧುನಿಕ ಸೌಲಭ್ಯ ಕಲ್ಪಿಸಲಾಗುವುದು. ನಿಲ್ದಾಣದ ಆವರಣದಲ್ಲಿ ವಾಣಿಜ್ಯ ಸಂಕೀರ್ಣ, ವಾಹನ ನಿಲುಗಡೆ ವ್ಯವಸ್ಥೆ ಸೇರಿದಂತೆ ಹಲವು ಯೋಜನೆಗಳನ್ನು ರೂಪಿಸಲಾಗಿದೆ. ಯೋಜನೆಗೆ ಕೇಂದ್ರ ಸರ್ಕಾರ ಅನುಮೋದನೆ ನೀಡಿದೆ. ಇದಕ್ಕಾಗಿ 1500 ಕೋಟಿ ರೂ. ವೆಚ್ಚ ಮಾಡಲಾಗುತ್ತಿದೆ ಎಂದು ಹೇಳಿದರು.
7ನೇ ಅಂತಸ್ತಿನಿಂದ ಹಾರಿ ಪ್ರಾಣಬಿಟ್ಟ ಯುವಕ
ಬೆಂಗಳೂರು: 16 ವರ್ಷದ ಯುವಕ ನೋರ್ವ ತನ್ನ ಅಪಾರ್ಟ್‌ಮೆಂಟ್‌ನ 7ನೇ ಮಹಡಿಯಿಂದ ಕೆಳಗೆ ಹಾರಿ ಪ್ರಾಣಬಿಟ್ಟ ಘಟನೆ ಬೆಂಗಳೂರಿನಲ್ಲಿ ನಡೆದಿದೆ. ಆತ ಕೆಳಗೆ ಬಿದ್ದ ರಭಸಕ್ಕೆ ರಕ್ತದ ಮಡುವಿನಲ್ಲಿ ಬಿದ್ದು ಸ್ಥಳದಲ್ಲೇ ಪ್ರಾಣ ಬಿಟ್ಟಿದ್ದಾನೆ. ಯುವಕ ದ್ವಿತೀಯ ಪಿಯುಸಿ ವ್ಯಾಸಂಗ ಮಾಡುತ್ತಿದ್ದ. ಈ ಘಟನೆ ನಡೆದಾಗ ಪೋಷಕರು ಮನೆಯಲ್ಲಿರಲಿಲ್ಲ. ಪ್ರಕರಣ ದಾಖಲಿಸಿಕೊಂಡ ಪೊಲೀಸರು ತನಿಖೆ ನಡೆಸುತ್ತಿದ್ದಾರೆ.
ಅಗಲಿದ ಯೋಗಗುರು ಶರತ್ ಜೋಯಿಸ್
ಅವರಿಗೆ ಮೈಸೂರಲ್ಲಿ ಶಿಷ್ಯರಿಂದ ಅಶ್ರುತರ್ಪಣ
ಮೈಸೂರು, ನ.18 (ಆರ್‌ಕೆ)- ಅಗಲಿದ ಅಷ್ಟಾಂಗ ಯೋಗಗುರು ಶರತ್ ಜೋಯಿಸ್ ಅವರಿಗೆ ಮೈಸೂರಿನಲ್ಲಿ ಶಿಷ್ಯರು, ಅಭಿಮಾನಿಗಳು, ಕುಟುಂಬಸ್ಥರು ಹಾಗೂ ಗಣ್ಯರು ಅಂತಿಮ ನಮನ ಸಲ್ಲಿಸಿದರು. ಅಮೆರಿಕಾದಲ್ಲಿ ಚಾರಣದ ವೇಳೆ ಹೃದಯಾಘಾತದಿಂದ ನಿಧನರಾದ ಶರತ್ ಜೋಯಿಸ್ ಅವರ ಪಾರ್ಥಿವ ಶರೀರವನ್ನು ಮೈಸೂರಿಗೆ ತರಲಾಯಿತು. ಗೋಕುಲಂನ ನಿವಾಸದಲ್ಲಿ ಸಾರ್ವಜನಿಕ ದರ್ಶನಕ್ಕೆ ಇಡಲಾಗಿತ್ತು. ಆನಂತರ ವಿಶ್ವೇಶ್ವರನಗರದ ಹರಿಶ್ಚಂದ್ರ ಘಾಟ್‌ನಲ್ಲಿ ಅಂತ್ಯಸಂಸ್ಕಾರ ನೆರವೇರಿಸಲಾಯಿತು. ಅಮೆರಿಕಾದಿಂದ ಮಂಗಳವಾರ ಮುಂಜಾನೆ ಪಾರ್ಥಿವ ಶರೀರ ಆಗಮಿಸಿತು.
ಮೈಸೂರಿನ ವಿವಿ ಮೊಹಲ್ಲಾ ನಿವಾಸದಲ್ಲಿ ಸೋಮವಾರ ಯೋಗಗುರು ಶರತ್ ಜೋಯಿಸ್ ಅವರ ಪಾರ್ಥಿವ ಶರೀರವನ್ನು ಸಾರ್ವಜನಿಕ ದರ್ಶನಕ್ಕೆ ಇರಿಸಲಾಗಿತ್ತು. ಯೋಗ ವಿದ್ಯಾರ್ಥಿಗಳು, ಶಿಷ್ಯರು ಅಂತಿಮ ದರ್ಶನ ಪಡೆದು, ಕಂಬನಿ ಮಿಡಿದರು.
ದಿಂದ ವಿಮಾನದಲ್ಲಿ ಬೆಂಗಳೂರಿಗೆ ತರಲಾಯಿತು. ಅಲ್ಲಿಂದ ವಿವಿ ಮೊಹಲ್ಲಾ ನಿವಾಸಕ್ಕೆ ಆಂಬ್ಯುಲೆನ್ಸ್ ಮೂಲಕ ತಂದು ಇರಿಸಲಾಯಿತು. ಬೆಳಿಗ್ಗೆ 7 ಗಂಟೆಯಿಂದ ಸಾರ್ವಜನಿಕರ ದರ್ಶನಕ್ಕೆ ಅವಕಾಶ ಮಾಡಿಕೊಡಲಾಗಿತ್ತು.
ಸಂಸ್ಕಾರ ನಡೆದ ಮೈಸೂರು: ಶಾಖಾ ಮುಖ್ಯಸ್ಥರಾದ ಶ್ರೀ ಸೋಮನಾಥ ಸ್ವಾಮೀಜಿ, ಮೈಸೂರು-ಕೊಡಗು ಸಂಸದ ಯದುವೀರ್ ಕೃಷ್ಣದತ್ತ ಚಾಮರಾಜ ಒಡೆಯರ್, ಮಾಜಿ ಸಚಿವರು, ಶಾಸಕರು, ವಿದೇಶಿ ಯೋಗ ವಿದ್ಯಾರ್ಥಿಗಳು ಅಂತಿಮ ದರ್ಶನ ಪಡೆದರು. ಯೋಗ ಶಿಕ್ಷಣ ಕ್ಷೇತ್ರಕ್ಕೆ ಅವರ ಕೊಡುಗೆ ಅಪಾರ. ಅವರ ಅಗಲಿಕೆ ತುಂಬಲಾರದ ನಷ್ಟ ಎಂದು ಶಿಷ್ಯರು ಕಂಬನಿ ಮಿಡಿದರು. ಶಾಸಕರಾದ ಟಿ.ಎಸ್.ಶ್ರೀವತ್ಸ, ಮಾಜಿ ಕಾರ್ಪೊರೇಟರ್‌ಗಳು, ಯೋಗಾಸಕ್ತರು ಹಾಜರಿದ್ದರು.
